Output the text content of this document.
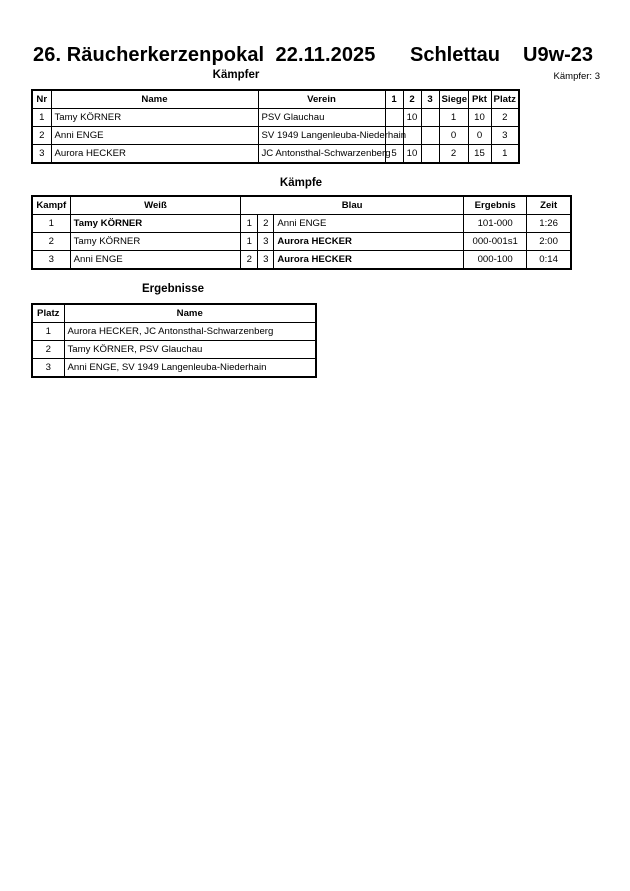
26. Räucherkerzenpokal  22.11.2025 Schlettau U9w-23
Kämpfer	Kämpfer: 3
Nr	Name	Verein	1	2	3	Siege	Pkt	Platz
1	Tamy KÖRNER	PSV Glauchau		10		1	10	2
2	Anni ENGE	SV 1949 Langenleuba-Niederhain				0	0	3
3	Aurora HECKER	JC Antonsthal-Schwarzenberg	5	10		2	15	1
Kämpfe
Kampf	Weiß	Blau			Ergebnis	Zeit
1	Tamy KÖRNER	1	2	Anni ENGE	101-000	1:26
2	Tamy KÖRNER	1	3	Aurora HECKER	000-001s1	2:00
3	Anni ENGE	2	3	Aurora HECKER	000-100	0:14
Ergebnisse
Platz	Name
1	Aurora HECKER, JC Antonsthal-Schwarzenberg
2	Tamy KÖRNER, PSV Glauchau
3	Anni ENGE, SV 1949 Langenleuba-Niederhain
